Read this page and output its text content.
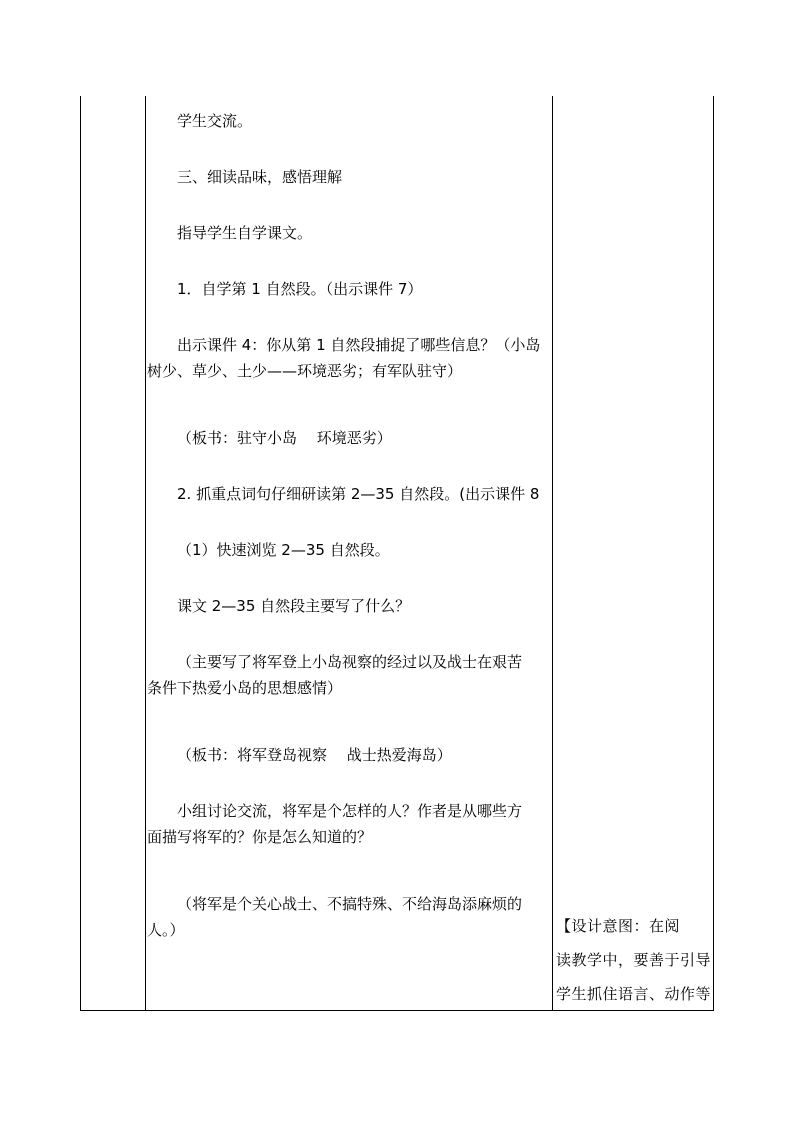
学生交流。
三、细读品味，感悟理解
指导学生自学课文。
1．自学第 1 自然段。（出示课件 7）
出示课件 4：你从第 1 自然段捕捉了哪些信息？（小岛
树少、草少、土少——环境恶劣；有军队驻守）
（板书：驻守小岛　 环境恶劣）
2. 抓重点词句仔细研读第 2—35 自然段。(出示课件 8
（1）快速浏览 2—35 自然段。
课文 2—35 自然段主要写了什么？
（主要写了将军登上小岛视察的经过以及战士在艰苦
条件下热爱小岛的思想感情）
（板书：将军登岛视察　 战士热爱海岛）
小组讨论交流，将军是个怎样的人？作者是从哪些方
面描写将军的？你是怎么知道的？
（将军是个关心战士、不搞特殊、不给海岛添麻烦的
人。）	【设计意图：在阅
读教学中，要善于引导
学生抓住语言、动作等
